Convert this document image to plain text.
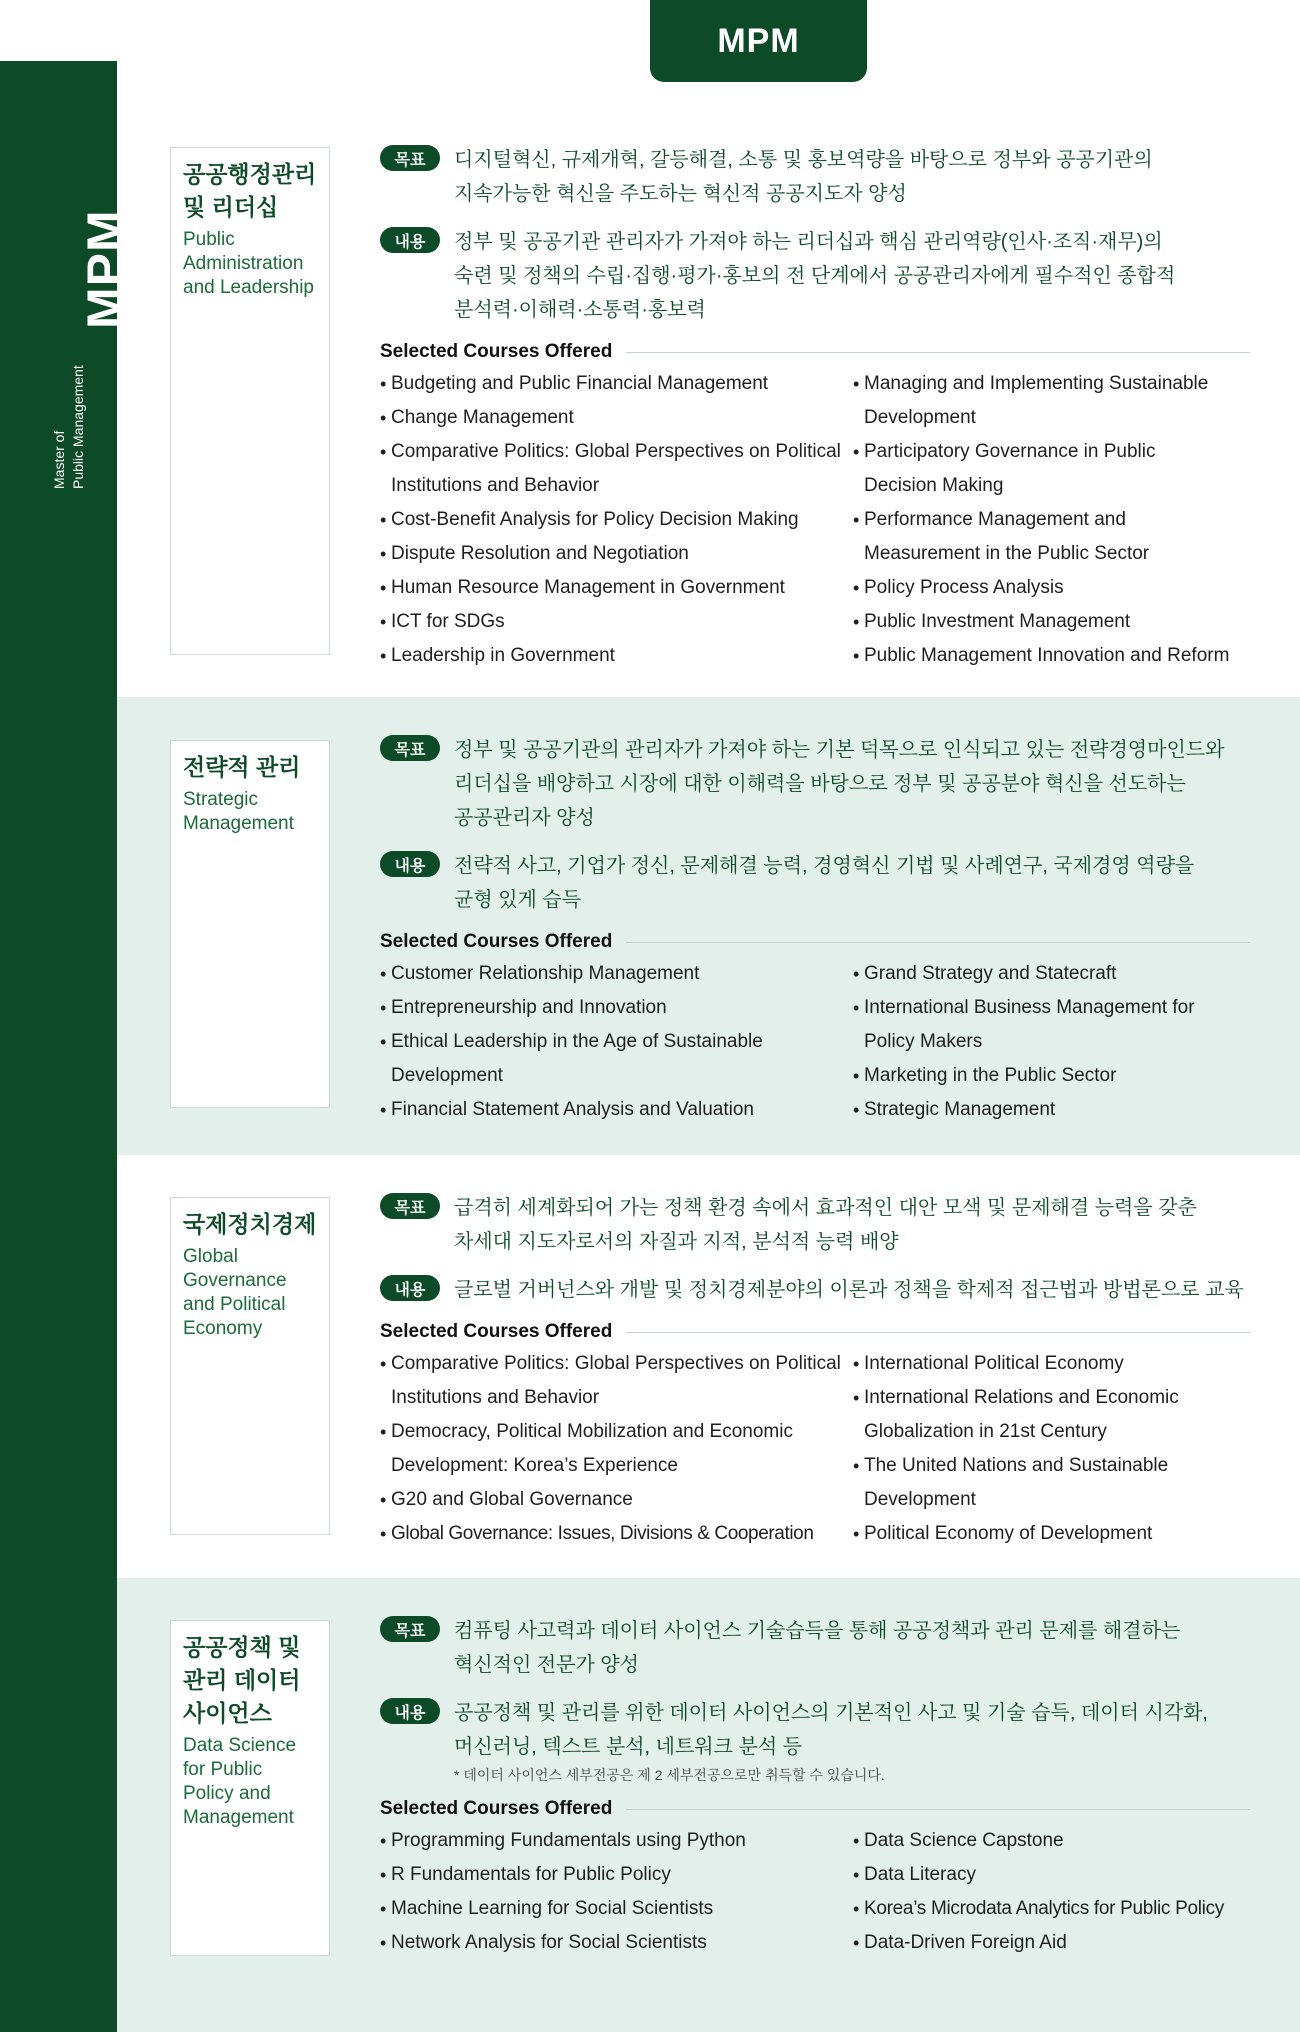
MPM
MPM
Master of Public Management
공공행정관리
및 리더십
Public
Administration
and Leadership
목표	디지털혁신, 규제개혁, 갈등해결, 소통 및 홍보역량을 바탕으로 정부와 공공기관의
지속가능한 혁신을 주도하는 혁신적 공공지도자 양성
내용	정부 및 공공기관 관리자가 가져야 하는 리더십과 핵심 관리역량(인사·조직·재무)의
숙련 및 정책의 수립·집행·평가·홍보의 전 단계에서 공공관리자에게 필수적인 종합적
분석력·이해력·소통력·홍보력
Selected Courses Offered
• Budgeting and Public Financial Management
• Change Management
• Comparative Politics: Global Perspectives on Political
Institutions and Behavior
• Cost-Benefit Analysis for Policy Decision Making
• Dispute Resolution and Negotiation
• Human Resource Management in Government
• ICT for SDGs
• Leadership in Government
• Managing and Implementing Sustainable
Development
• Participatory Governance in Public
Decision Making
• Performance Management and
Measurement in the Public Sector
• Policy Process Analysis
• Public Investment Management
• Public Management Innovation and Reform
전략적 관리
Strategic
Management
목표	정부 및 공공기관의 관리자가 가져야 하는 기본 덕목으로 인식되고 있는 전략경영마인드와
리더십을 배양하고 시장에 대한 이해력을 바탕으로 정부 및 공공분야 혁신을 선도하는
공공관리자 양성
내용	전략적 사고, 기업가 정신, 문제해결 능력, 경영혁신 기법 및 사례연구, 국제경영 역량을
균형 있게 습득
Selected Courses Offered
• Customer Relationship Management
• Entrepreneurship and Innovation
• Ethical Leadership in the Age of Sustainable
Development
• Financial Statement Analysis and Valuation
• Grand Strategy and Statecraft
• International Business Management for
Policy Makers
• Marketing in the Public Sector
• Strategic Management
국제정치경제
Global
Governance
and Political
Economy
목표	급격히 세계화되어 가는 정책 환경 속에서 효과적인 대안 모색 및 문제해결 능력을 갖춘
차세대 지도자로서의 자질과 지적, 분석적 능력 배양
내용	글로벌 거버넌스와 개발 및 정치경제분야의 이론과 정책을 학제적 접근법과 방법론으로 교육
Selected Courses Offered
• Comparative Politics: Global Perspectives on Political
Institutions and Behavior
• Democracy, Political Mobilization and Economic
Development: Korea’s Experience
• G20 and Global Governance
• Global Governance: Issues, Divisions & Cooperation
• International Political Economy
• International Relations and Economic
Globalization in 21st Century
• The United Nations and Sustainable
Development
• Political Economy of Development
공공정책 및
관리 데이터
사이언스
Data Science
for Public
Policy and
Management
목표	컴퓨팅 사고력과 데이터 사이언스 기술습득을 통해 공공정책과 관리 문제를 해결하는
혁신적인 전문가 양성
내용	공공정책 및 관리를 위한 데이터 사이언스의 기본적인 사고 및 기술 습득, 데이터 시각화,
머신러닝, 텍스트 분석, 네트워크 분석 등
* 데이터 사이언스 세부전공은 제 2 세부전공으로만 취득할 수 있습니다.
Selected Courses Offered
• Programming Fundamentals using Python
• R Fundamentals for Public Policy
• Machine Learning for Social Scientists
• Network Analysis for Social Scientists
• Data Science Capstone
• Data Literacy
• Korea’s Microdata Analytics for Public Policy
• Data-Driven Foreign Aid
